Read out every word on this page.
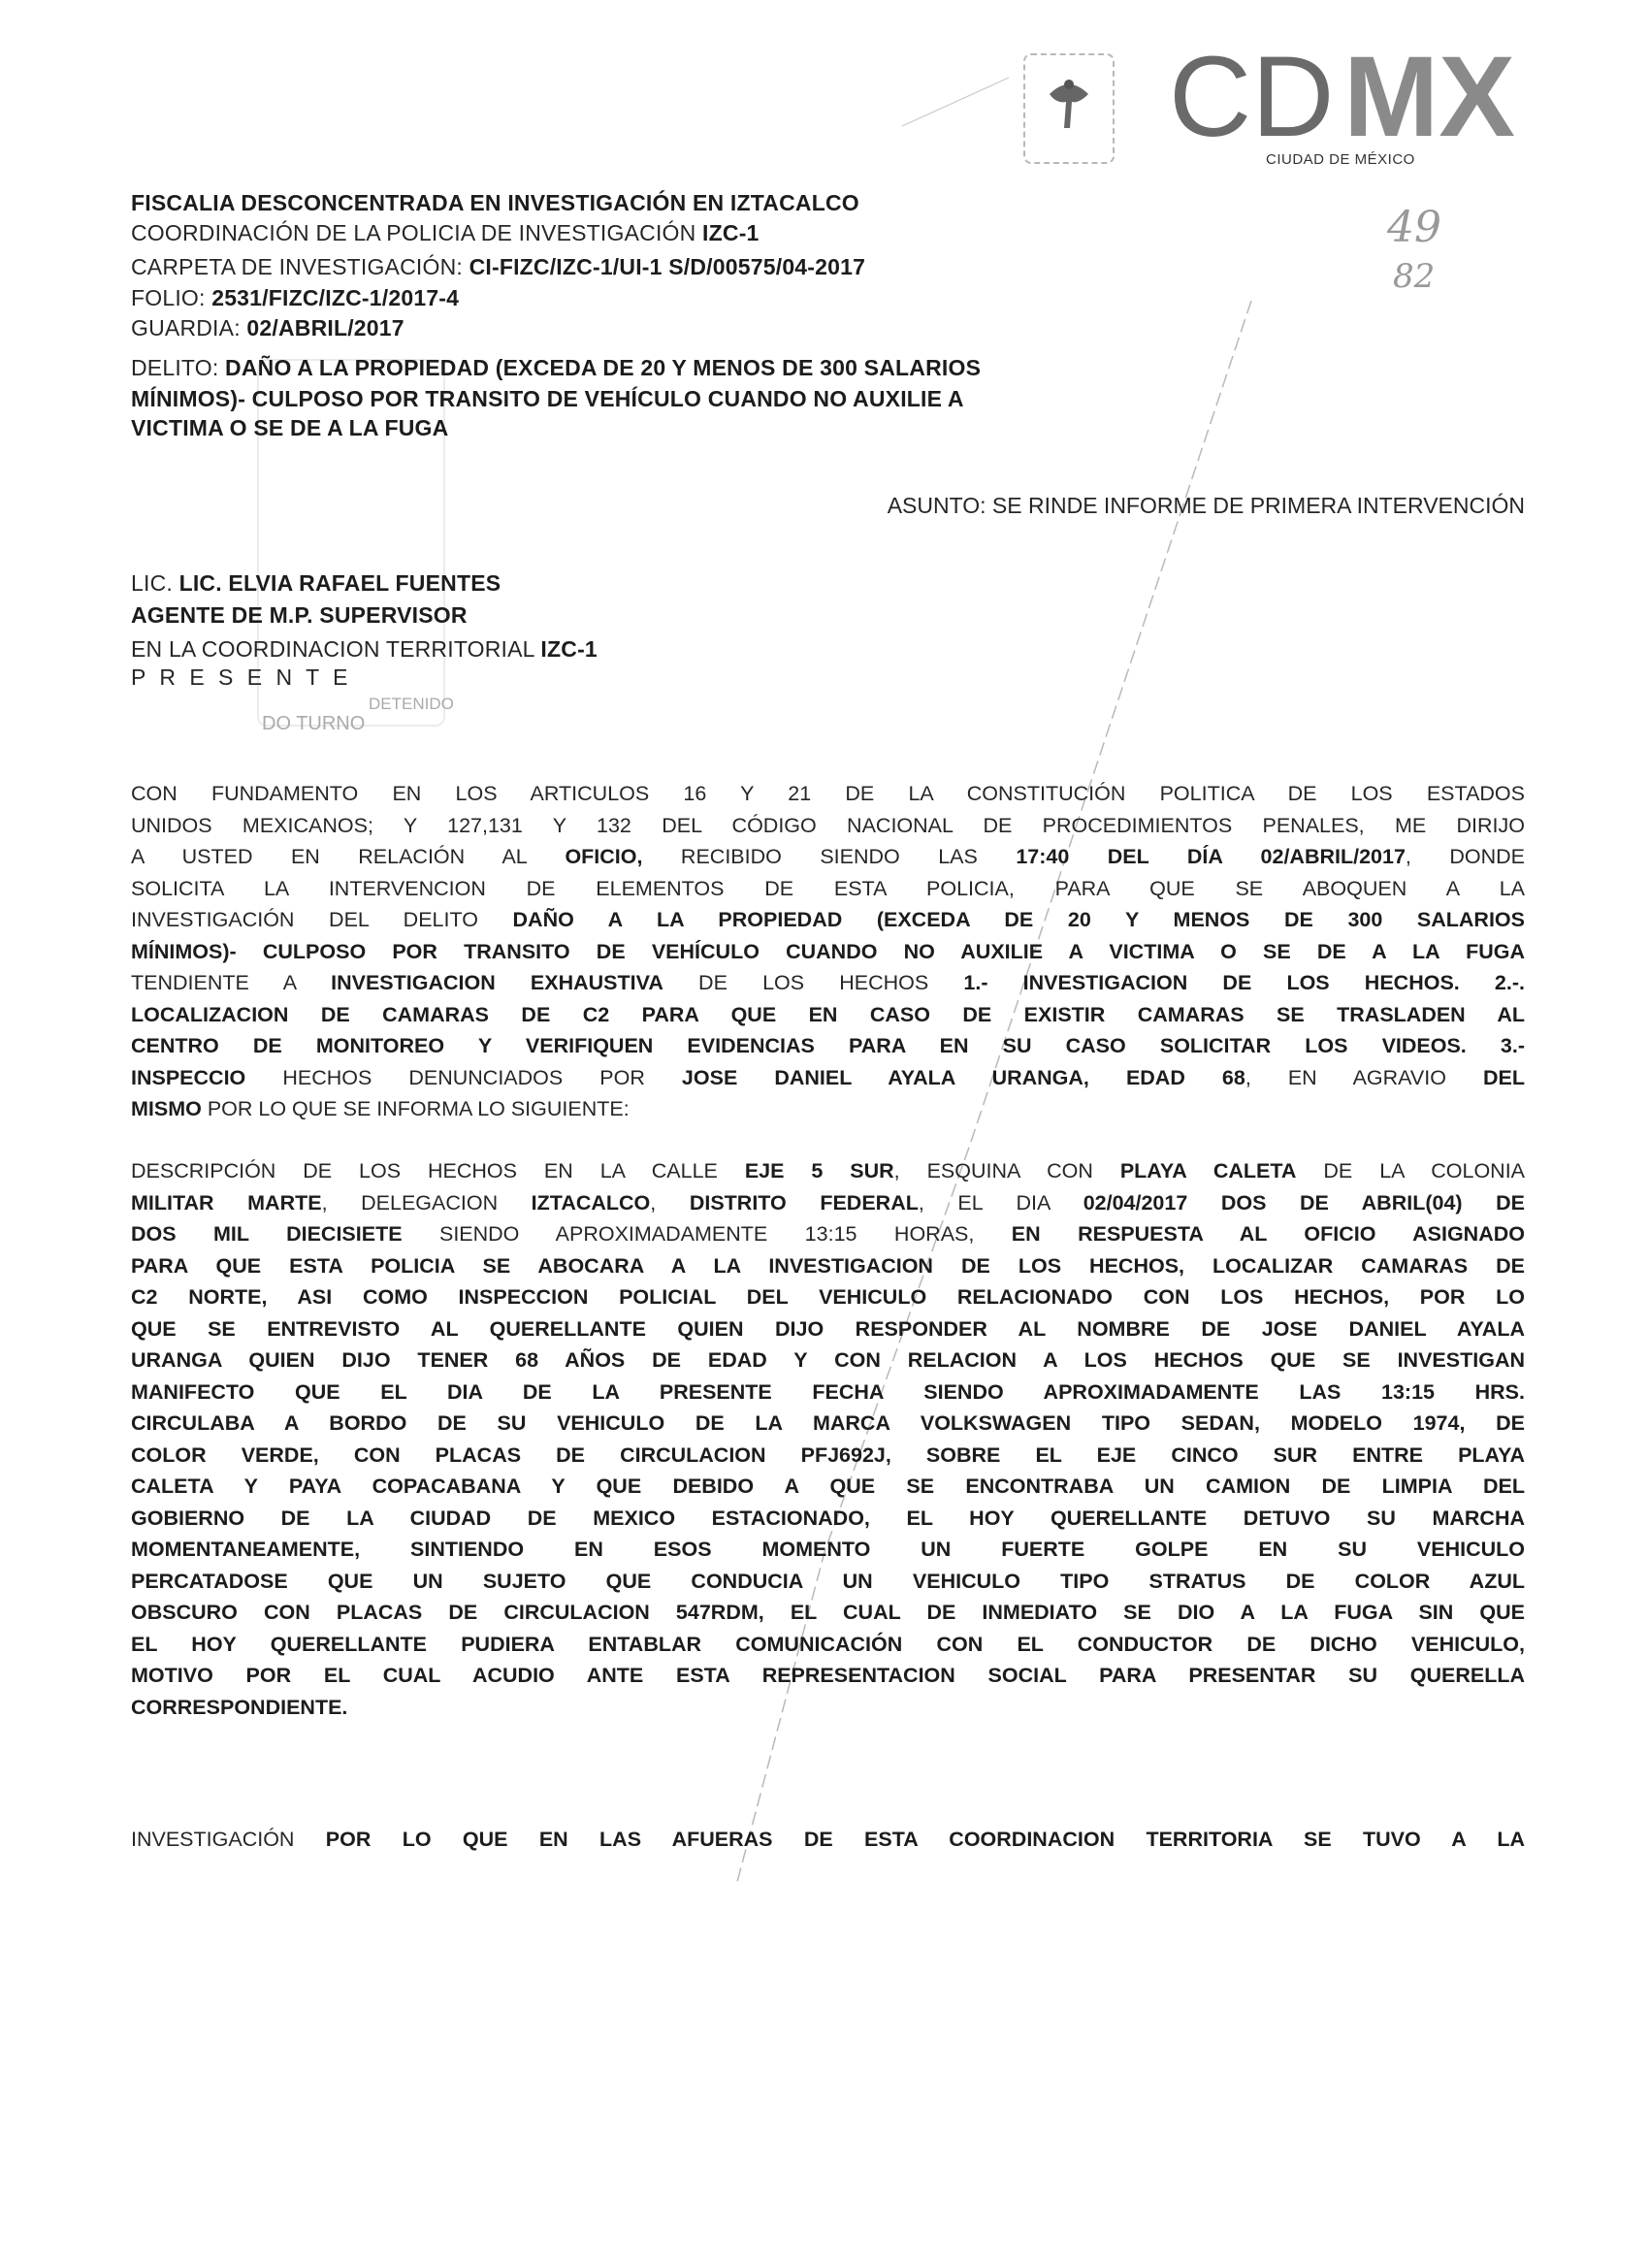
DETENIDO
DO TURNO
CD MX
CIUDAD DE MÉXICO
49
82
FISCALIA DESCONCENTRADA EN INVESTIGACIÓN EN IZTACALCO
COORDINACIÓN DE LA POLICIA DE INVESTIGACIÓN IZC-1
CARPETA DE INVESTIGACIÓN: CI-FIZC/IZC-1/UI-1 S/D/00575/04-2017
FOLIO: 2531/FIZC/IZC-1/2017-4
GUARDIA: 02/ABRIL/2017
DELITO: DAÑO A LA PROPIEDAD (EXCEDA DE 20 Y MENOS DE 300 SALARIOS
MÍNIMOS)- CULPOSO POR TRANSITO DE VEHÍCULO CUANDO NO AUXILIE A
VICTIMA O SE DE A LA FUGA
ASUNTO: SE RINDE INFORME DE PRIMERA INTERVENCIÓN
LIC. LIC. ELVIA RAFAEL FUENTES
AGENTE DE M.P. SUPERVISOR
EN LA COORDINACION TERRITORIAL IZC-1
P R E S E N T E
CON FUNDAMENTO EN LOS ARTICULOS 16 Y 21 DE LA CONSTITUCIÓN POLITICA DE LOS ESTADOS
UNIDOS MEXICANOS; Y 127,131 Y 132 DEL CÓDIGO NACIONAL DE PROCEDIMIENTOS PENALES, ME DIRIJO
A USTED EN RELACIÓN AL OFICIO, RECIBIDO SIENDO LAS 17:40 DEL DÍA 02/ABRIL/2017, DONDE
SOLICITA LA INTERVENCION DE ELEMENTOS DE ESTA POLICIA, PARA QUE SE ABOQUEN A LA
INVESTIGACIÓN DEL DELITO DAÑO A LA PROPIEDAD (EXCEDA DE 20 Y MENOS DE 300 SALARIOS
MÍNIMOS)- CULPOSO POR TRANSITO DE VEHÍCULO CUANDO NO AUXILIE A VICTIMA O SE DE A LA FUGA
TENDIENTE A INVESTIGACION EXHAUSTIVA DE LOS HECHOS 1.- INVESTIGACION DE LOS HECHOS. 2.-.
LOCALIZACION DE CAMARAS DE C2 PARA QUE EN CASO DE EXISTIR CAMARAS SE TRASLADEN AL
CENTRO DE MONITOREO Y VERIFIQUEN EVIDENCIAS PARA EN SU CASO SOLICITAR LOS VIDEOS. 3.-
INSPECCIO HECHOS DENUNCIADOS POR JOSE DANIEL AYALA URANGA, EDAD 68, EN AGRAVIO DEL
MISMO POR LO QUE SE INFORMA LO SIGUIENTE:
DESCRIPCIÓN DE LOS HECHOS EN LA CALLE EJE 5 SUR, ESQUINA CON PLAYA CALETA DE LA COLONIA
MILITAR MARTE, DELEGACION IZTACALCO, DISTRITO FEDERAL, EL DIA 02/04/2017 DOS DE ABRIL(04) DE
DOS MIL DIECISIETE SIENDO APROXIMADAMENTE 13:15 HORAS, EN RESPUESTA AL OFICIO ASIGNADO
PARA QUE ESTA POLICIA SE ABOCARA A LA INVESTIGACION DE LOS HECHOS, LOCALIZAR CAMARAS DE
C2 NORTE, ASI COMO INSPECCION POLICIAL DEL VEHICULO RELACIONADO CON LOS HECHOS, POR LO
QUE SE ENTREVISTO AL QUERELLANTE QUIEN DIJO RESPONDER AL NOMBRE DE JOSE DANIEL AYALA
URANGA QUIEN DIJO TENER 68 AÑOS DE EDAD Y CON RELACION A LOS HECHOS QUE SE INVESTIGAN
MANIFECTO QUE EL DIA DE LA PRESENTE FECHA SIENDO APROXIMADAMENTE LAS 13:15 HRS.
CIRCULABA A BORDO DE SU VEHICULO DE LA MARCA VOLKSWAGEN TIPO SEDAN, MODELO 1974, DE
COLOR VERDE, CON PLACAS DE CIRCULACION PFJ692J, SOBRE EL EJE CINCO SUR ENTRE PLAYA
CALETA Y PAYA COPACABANA Y QUE DEBIDO A QUE SE ENCONTRABA UN CAMION DE LIMPIA DEL
GOBIERNO DE LA CIUDAD DE MEXICO ESTACIONADO, EL HOY QUERELLANTE DETUVO SU MARCHA
MOMENTANEAMENTE, SINTIENDO EN ESOS MOMENTO UN FUERTE GOLPE EN SU VEHICULO
PERCATADOSE QUE UN SUJETO QUE CONDUCIA UN VEHICULO TIPO STRATUS DE COLOR AZUL
OBSCURO CON PLACAS DE CIRCULACION 547RDM, EL CUAL DE INMEDIATO SE DIO A LA FUGA SIN QUE
EL HOY QUERELLANTE PUDIERA ENTABLAR COMUNICACIÓN CON EL CONDUCTOR DE DICHO VEHICULO,
MOTIVO POR EL CUAL ACUDIO ANTE ESTA REPRESENTACION SOCIAL PARA PRESENTAR SU QUERELLA
CORRESPONDIENTE.
INVESTIGACIÓN POR LO QUE EN LAS AFUERAS DE ESTA COORDINACION TERRITORIA SE TUVO A LA
